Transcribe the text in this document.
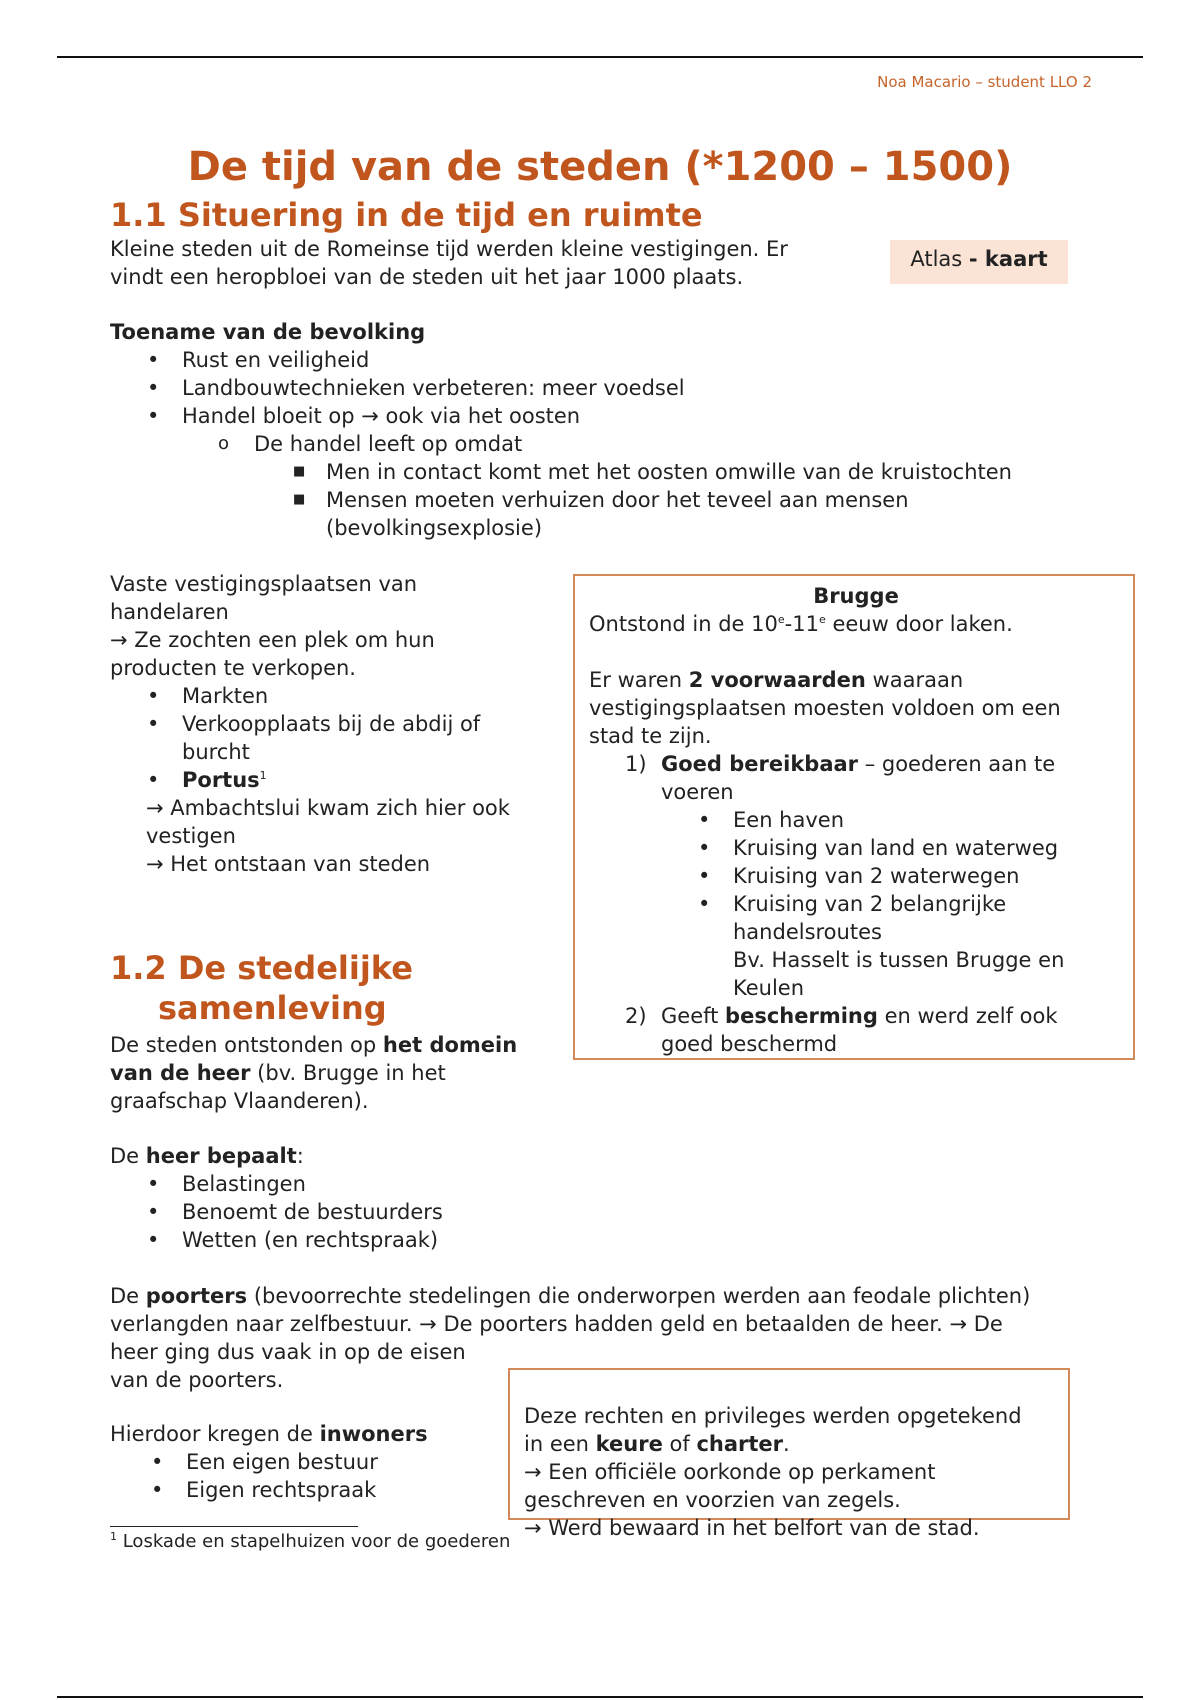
Noa Macario – student LLO 2
De tijd van de steden (*1200 – 1500)
1.1 Situering in de tijd en ruimte

Kleine steden uit de Romeinse tijd werden kleine vestigingen. Er

vindt een heropbloei van de steden uit het jaar 1000 plaats.

Atlas - kaart

Toename van de bevolking

• Rust en veiligheid
• Landbouwtechnieken verbeteren: meer voedsel
• Handel bloeit op → ook via het oosten
o De handel leeft op omdat
■ Men in contact komt met het oosten omwille van de kruistochten
■ Mensen moeten verhuizen door het teveel aan mensen
(bevolkingsexplosie)

Vaste vestigingsplaatsen van

handelaren

→ Ze zochten een plek om hun

producten te verkopen.

• Markten
• Verkoopplaats bij de abdij of
burcht
• Portus$^1$

→ Ambachtslui kwam zich hier ook

vestigen

→ Het ontstaan van steden

Brugge

Ontstond in de 10e-11e eeuw door laken.

Er waren 2 voorwaarden waaraan

vestigingsplaatsen moesten voldoen om een

stad te zijn.

1) Goed bereikbaar – goederen aan te

voeren

• Een haven
• Kruising van land en waterweg
• Kruising van 2 waterwegen
• Kruising van 2 belangrijke
handelsroutes
Bv. Hasselt is tussen Brugge en
Keulen
2) Geeft bescherming en werd zelf ook

goed beschermd

1.2 De stedelijke
samenleving

De steden ontstonden op het domein

van de heer (bv. Brugge in het

graafschap Vlaanderen).

De heer bepaalt:

• Belastingen
• Benoemt de bestuurders
• Wetten (en rechtspraak)

De poorters (bevoorrechte stedelingen die onderworpen werden aan feodale plichten)

verlangden naar zelfbestuur. → De poorters hadden geld en betaalden de heer. → De

heer ging dus vaak in op de eisen

van de poorters.

Hierdoor kregen de inwoners

• Een eigen bestuur
• Eigen rechtspraak

Deze rechten en privileges werden opgetekend

in een keure of charter.

→ Een officiële oorkonde op perkament

geschreven en voorzien van zegels.

→ Werd bewaard in het belfort van de stad.

$^1$ Loskade en stapelhuizen voor de goederen
